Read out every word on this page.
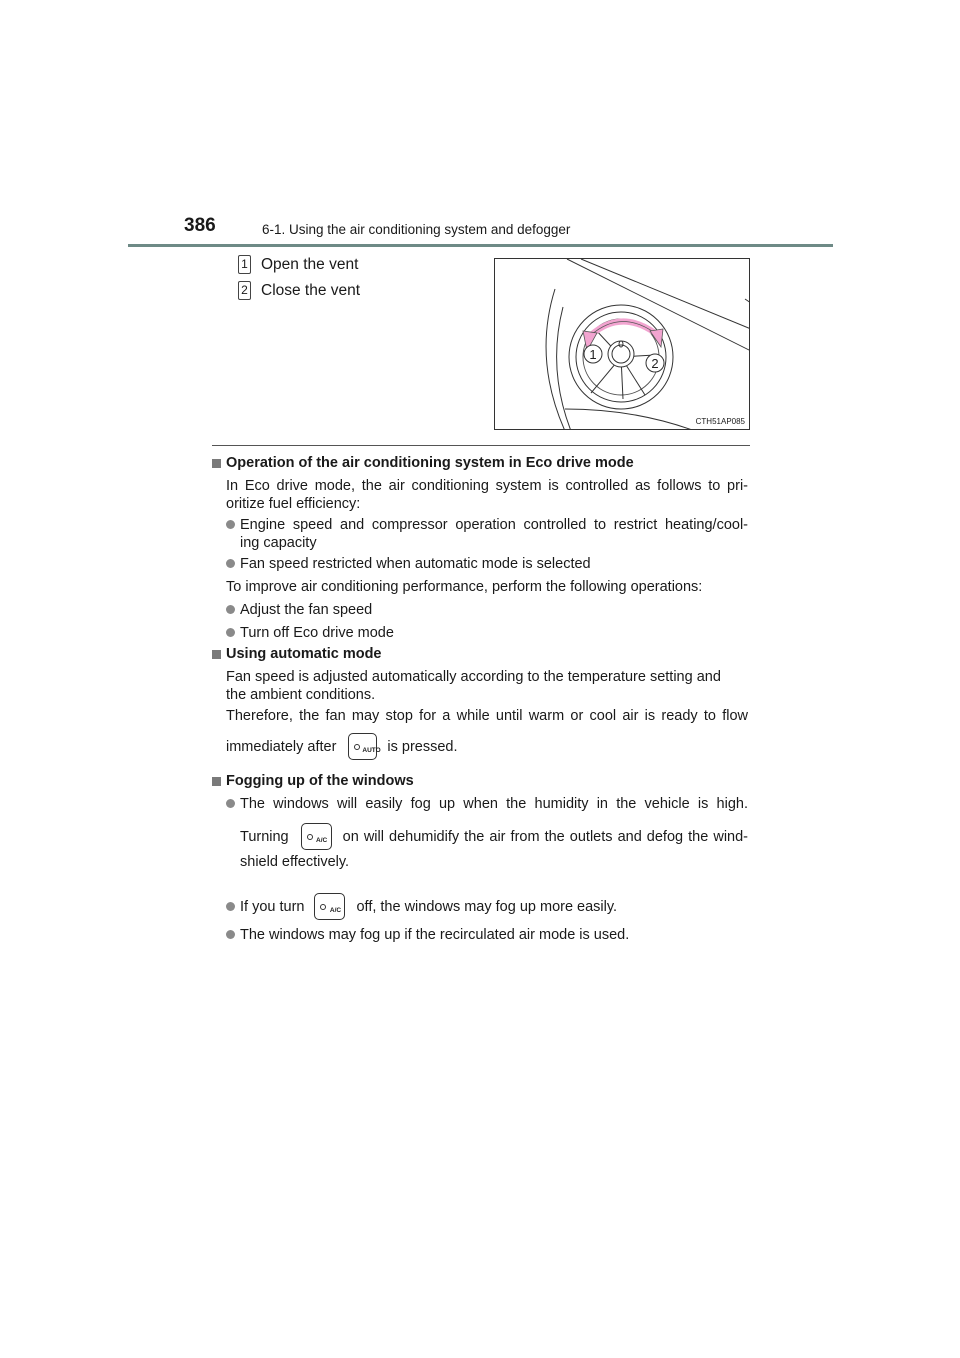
386	6-1. Using the air conditioning system and defogger
1 Open the vent
2 Close the vent
1
2
CTH51AP085
Operation of the air conditioning system in Eco drive mode
In Eco drive mode, the air conditioning system is controlled as follows to pri-
oritize fuel efficiency:
Engine speed and compressor operation controlled to restrict heating/cool-
ing capacity
Fan speed restricted when automatic mode is selected
To improve air conditioning performance, perform the following operations:
Adjust the fan speed
Turn off Eco drive mode
Using automatic mode
Fan speed is adjusted automatically according to the temperature setting and
the ambient conditions.
Therefore, the fan may stop for a while until warm or cool air is ready to flow
immediately after	AUTO is pressed.
Fogging up of the windows
The windows will easily fog up when the humidity in the vehicle is high.
Turning	A/C on will dehumidify the air from the outlets and defog the wind-
shield effectively.
If you turn	A/C off, the windows may fog up more easily.
The windows may fog up if the recirculated air mode is used.
